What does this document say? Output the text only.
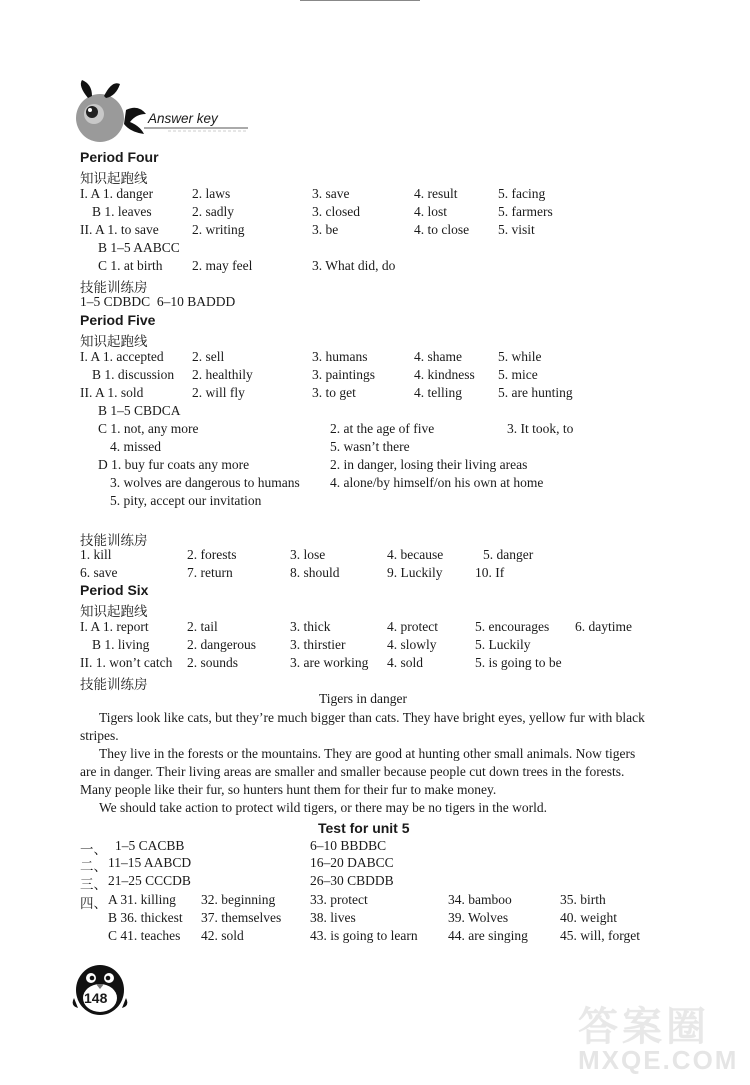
Answer key
Period Four
知识起跑线
I. A 1. danger	2. laws	3. save	4. result	5. facing
B 1. leaves	2. sadly	3. closed	4. lost	5. farmers
II. A 1. to save 2. writing	3. be	4. to close 5. visit
B 1–5 AABCC
C 1. at birth 2. may feel	3. What did, do
技能训练房
1–5 CDBDC  6–10 BADDD
Period Five
知识起跑线
I. A 1. accepted 2. sell	3. humans	4. shame	5. while
B 1. discussion 2. healthily	3. paintings	4. kindness 5. mice
II. A 1. sold	2. will fly	3. to get	4. telling	5. are hunting
B 1–5 CBDCA
C 1. not, any more	2. at the age of five	3. It took, to
4. missed	5. wasn’t there
D 1. buy fur coats any more	2. in danger, losing their living areas
3. wolves are dangerous to humans 4. alone/by himself/on his own at home
5. pity, accept our invitation
技能训练房
1. kill	2. forests	3. lose	4. because	5. danger
6. save	7. return	8. should	9. Luckily 10. If
Period Six
知识起跑线
I. A 1. report	2. tail	3. thick	4. protect	5. encourages 6. daytime
B 1. living	2. dangerous	3. thirstier	4. slowly	5. Luckily
II. 1. won’t catch 2. sounds	3. are working 4. sold	5. is going to be
技能训练房
Tigers in danger
Tigers look like cats, but they’re much bigger than cats. They have bright eyes, yellow fur with black stripes.
They live in the forests or the mountains. They are good at hunting other small animals. Now tigers are in danger. Their living areas are smaller and smaller because people cut down trees in the forests. Many people like their fur, so hunters hunt them for their fur to make money.
We should take action to protect wild tigers, or there may be no tigers in the world.
Test for unit 5
一、 1–5 CACBB	6–10 BBDBC
二、 11–15 AABCD	16–20 DABCC
三、 21–25 CCCDB	26–30 CBDDB
四、 A 31. killing 32. beginning	33. protect	34. bamboo	35. birth
B 36. thickest 37. themselves 38. lives	39. Wolves	40. weight
C 41. teaches 42. sold	43. is going to learn 44. are singing 45. will, forget
148
答案圈
MXQE.COM
